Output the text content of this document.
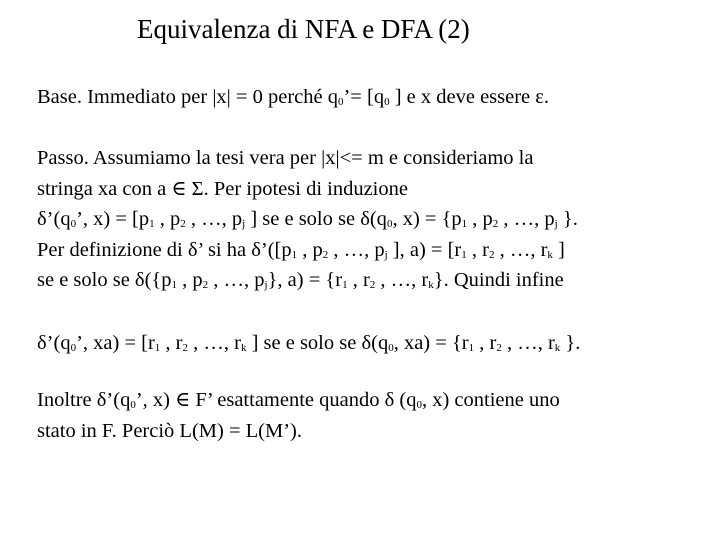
Equivalenza di NFA e DFA (2)
Base. Immediato per |x| = 0 perché $q_0’= [q_0$ ] e x deve essere ε.
Passo. Assumiamo la tesi vera per |x|<= m e consideriamo la
stringa xa con a ∈ Σ. Per ipotesi di induzione
$\delta’(q_0$’, $x) = [p_1$ , $p_2$ , …, $p_j$ ] se e solo se $\delta(q_0$, $x) = \{p_1$ , $p_2$ , …, $p_j$ }.
Per definizione di δ’ si ha $\delta’([p_1$ , $p_2$ , …, $p_j$ ], $a) = [r_1$ , $r_2$ , …, $r_k$ ]
se e solo se $\delta(\{p_1$ , $p_2$ , …, $p_j$}, $a) = \{r_1$ , $r_2$ , …, $r_k$}. Quindi infine
$\delta’(q_0$’, $xa) = [r_1$ , $r_2$ , …, $r_k$ ] se e solo se $\delta(q_0$, $xa) = \{r_1$ , $r_2$ , …, $r_k$ }.
Inoltre $\delta’(q_0$’, x) ∈ F’ esattamente quando δ ($q_0$, x) contiene uno
stato in F. Perciò L(M) = L(M’).
